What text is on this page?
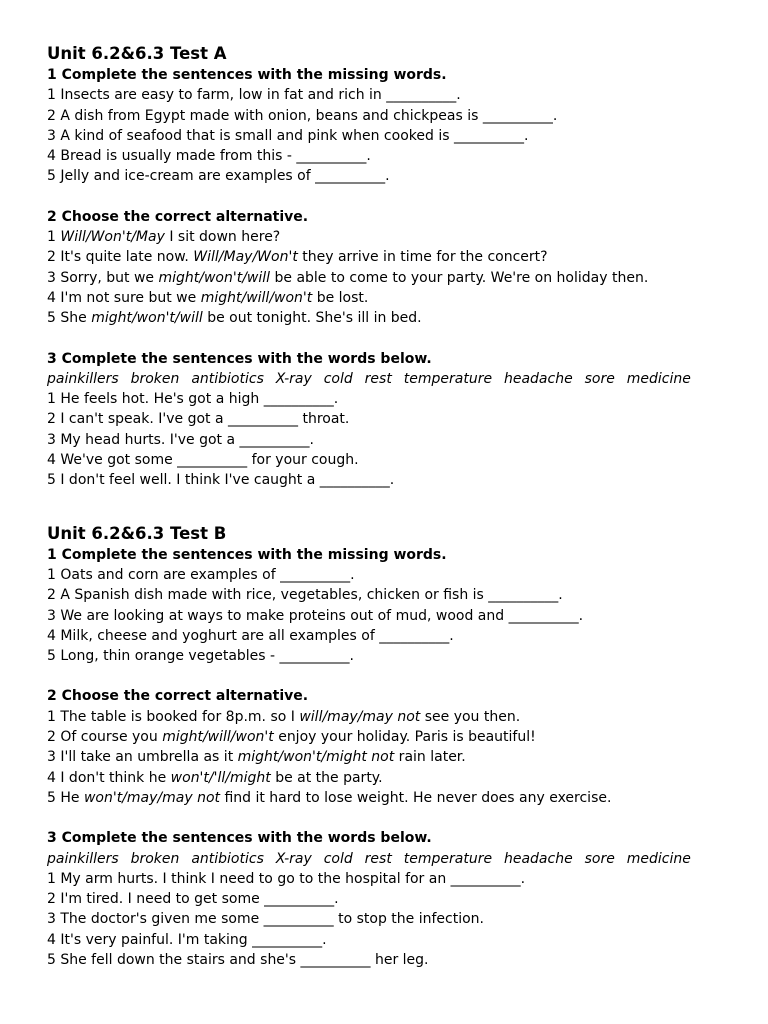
Unit 6.2&6.3 Test A

1 Complete the sentences with the missing words.

1 Insects are easy to farm, low in fat and rich in __________.

2 A dish from Egypt made with onion, beans and chickpeas is __________.

3 A kind of seafood that is small and pink when cooked is __________.

4 Bread is usually made from this - __________.

5 Jelly and ice-cream are examples of __________.

2 Choose the correct alternative.

1 Will/Won't/May I sit down here?

2 It's quite late now. Will/May/Won't they arrive in time for the concert?

3 Sorry, but we might/won't/will be able to come to your party. We're on holiday then.

4 I'm not sure but we might/will/won't be lost.

5 She might/won't/will be out tonight. She's ill in bed.

3 Complete the sentences with the words below.

painkillers broken antibiotics X-ray cold rest temperature headache sore medicine

1 He feels hot. He's got a high __________.

2 I can't speak. I've got a __________ throat.

3 My head hurts. I've got a __________.

4 We've got some __________ for your cough.

5 I don't feel well. I think I've caught a __________.

Unit 6.2&6.3 Test B

1 Complete the sentences with the missing words.

1 Oats and corn are examples of __________.

2 A Spanish dish made with rice, vegetables, chicken or fish is __________.

3 We are looking at ways to make proteins out of mud, wood and __________.

4 Milk, cheese and yoghurt are all examples of __________.

5 Long, thin orange vegetables - __________.

2 Choose the correct alternative.

1 The table is booked for 8p.m. so I will/may/may not see you then.

2 Of course you might/will/won't enjoy your holiday. Paris is beautiful!

3 I'll take an umbrella as it might/won't/might not rain later.

4 I don't think he won't/'ll/might be at the party.

5 He won't/may/may not find it hard to lose weight. He never does any exercise.

3 Complete the sentences with the words below.

painkillers broken antibiotics X-ray cold rest temperature headache sore medicine

1 My arm hurts. I think I need to go to the hospital for an __________.

2 I'm tired. I need to get some __________.

3 The doctor's given me some __________ to stop the infection.

4 It's very painful. I'm taking __________.

5 She fell down the stairs and she's __________ her leg.
